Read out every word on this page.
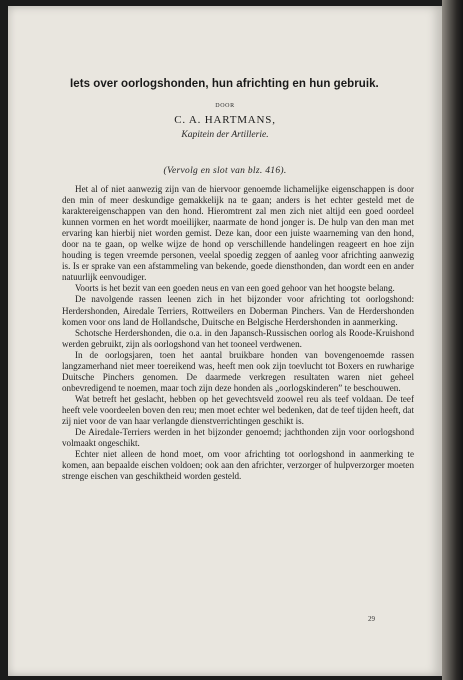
Iets over oorlogshonden, hun africhting en hun gebruik.
DOOR
C. A. HARTMANS,
Kapitein der Artillerie.
(Vervolg en slot van blz. 416).

Het al of niet aanwezig zijn van de hiervoor genoemde lichamelijke eigenschappen is door den min of meer deskundige gemakkelijk na te gaan; anders is het echter gesteld met de karaktereigenschappen van den hond. Hieromtrent zal men zich niet altijd een goed oordeel kunnen vormen en het wordt moeilijker, naarmate de hond jonger is. De hulp van den man met ervaring kan hierbij niet worden gemist. Deze kan, door een juiste waarneming van den hond, door na te gaan, op welke wijze de hond op verschillende handelingen reageert en hoe zijn houding is tegen vreemde personen, veelal spoedig zeggen of aanleg voor africhting aanwezig is. Is er sprake van een afstammeling van bekende, goede diensthonden, dan wordt een en ander natuurlijk eenvoudiger.

Voorts is het bezit van een goeden neus en van een goed gehoor van het hoogste belang.

De navolgende rassen leenen zich in het bijzonder voor africhting tot oorlogshond: Herdershonden, Airedale Terriers, Rottweilers en Doberman Pinchers. Van de Herdershonden komen voor ons land de Hollandsche, Duitsche en Belgische Herdershonden in aanmerking.

Schotsche Herdershonden, die o.a. in den Japansch-Russischen oorlog als Roode-Kruishond werden gebruikt, zijn als oorlogshond van het tooneel verdwenen.

In de oorlogsjaren, toen het aantal bruikbare honden van bovengenoemde rassen langzamerhand niet meer toereikend was, heeft men ook zijn toevlucht tot Boxers en ruwharige Duitsche Pinchers genomen. De daarmede verkregen resultaten waren niet geheel onbevredigend te noemen, maar toch zijn deze honden als „oorlogskinderen” te beschouwen.

Wat betreft het geslacht, hebben op het gevechtsveld zoowel reu als teef voldaan. De teef heeft vele voordeelen boven den reu; men moet echter wel bedenken, dat de teef tijden heeft, dat zij niet voor de van haar verlangde dienstverrichtingen geschikt is.

De Airedale-Terriers werden in het bijzonder genoemd; jachthonden zijn voor oorlogshond volmaakt ongeschikt.

Echter niet alleen de hond moet, om voor africhting tot oorlogshond in aanmerking te komen, aan bepaalde eischen voldoen; ook aan den africhter, verzorger of hulpverzorger moeten strenge eischen van geschiktheid worden gesteld.

29
